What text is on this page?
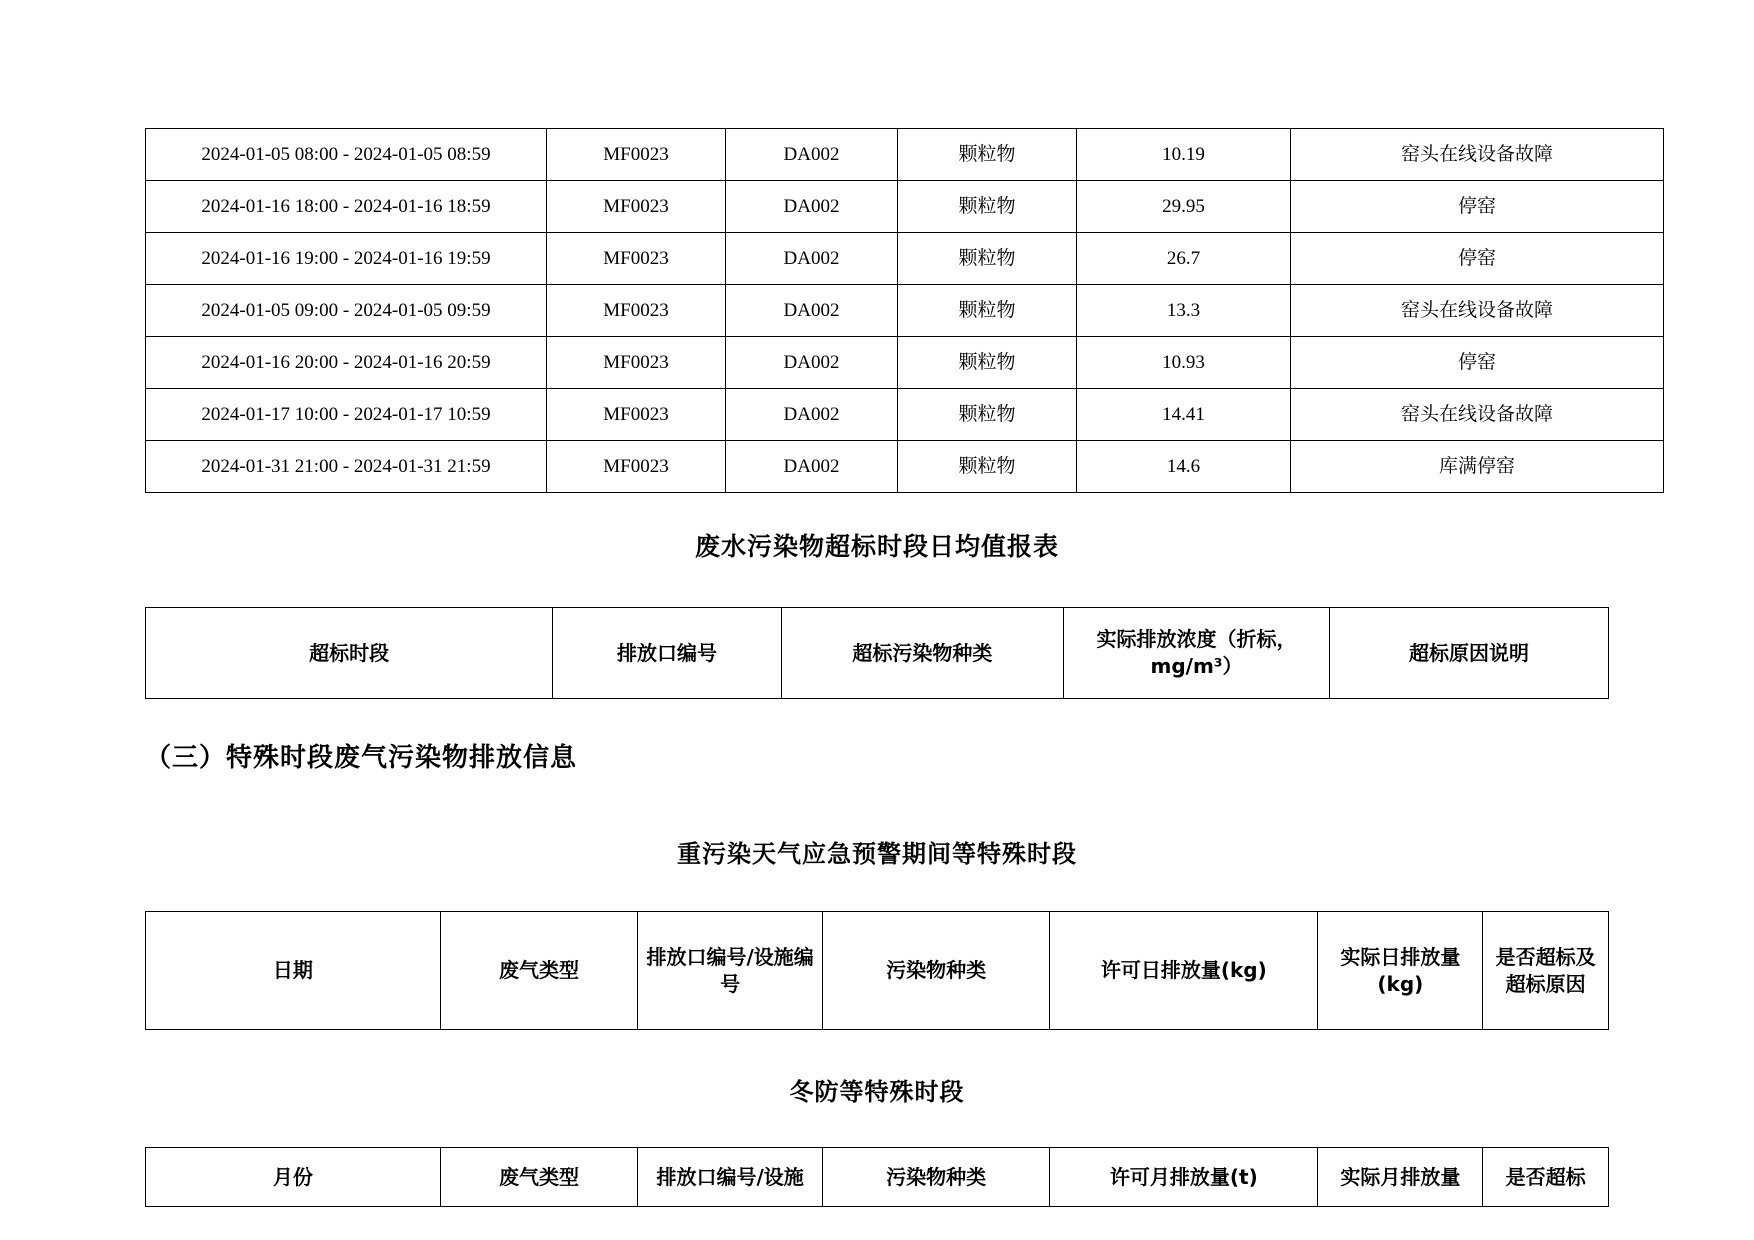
2024-01-05 08:00 - 2024-01-05 08:59	MF0023	DA002	颗粒物	10.19	窑头在线设备故障
2024-01-16 18:00 - 2024-01-16 18:59	MF0023	DA002	颗粒物	29.95	停窑
2024-01-16 19:00 - 2024-01-16 19:59	MF0023	DA002	颗粒物	26.7	停窑
2024-01-05 09:00 - 2024-01-05 09:59	MF0023	DA002	颗粒物	13.3	窑头在线设备故障
2024-01-16 20:00 - 2024-01-16 20:59	MF0023	DA002	颗粒物	10.93	停窑
2024-01-17 10:00 - 2024-01-17 10:59	MF0023	DA002	颗粒物	14.41	窑头在线设备故障
2024-01-31 21:00 - 2024-01-31 21:59	MF0023	DA002	颗粒物	14.6	库满停窑
废水污染物超标时段日均值报表
超标时段	排放口编号	超标污染物种类	实际排放浓度（折标，mg/m³）	超标原因说明
（三）特殊时段废气污染物排放信息
重污染天气应急预警期间等特殊时段
日期	废气类型	排放口编号/设施编号	污染物种类	许可日排放量(kg)	实际日排放量(kg)	是否超标及超标原因
冬防等特殊时段
月份	废气类型	排放口编号/设施	污染物种类	许可月排放量(t)	实际月排放量	是否超标
